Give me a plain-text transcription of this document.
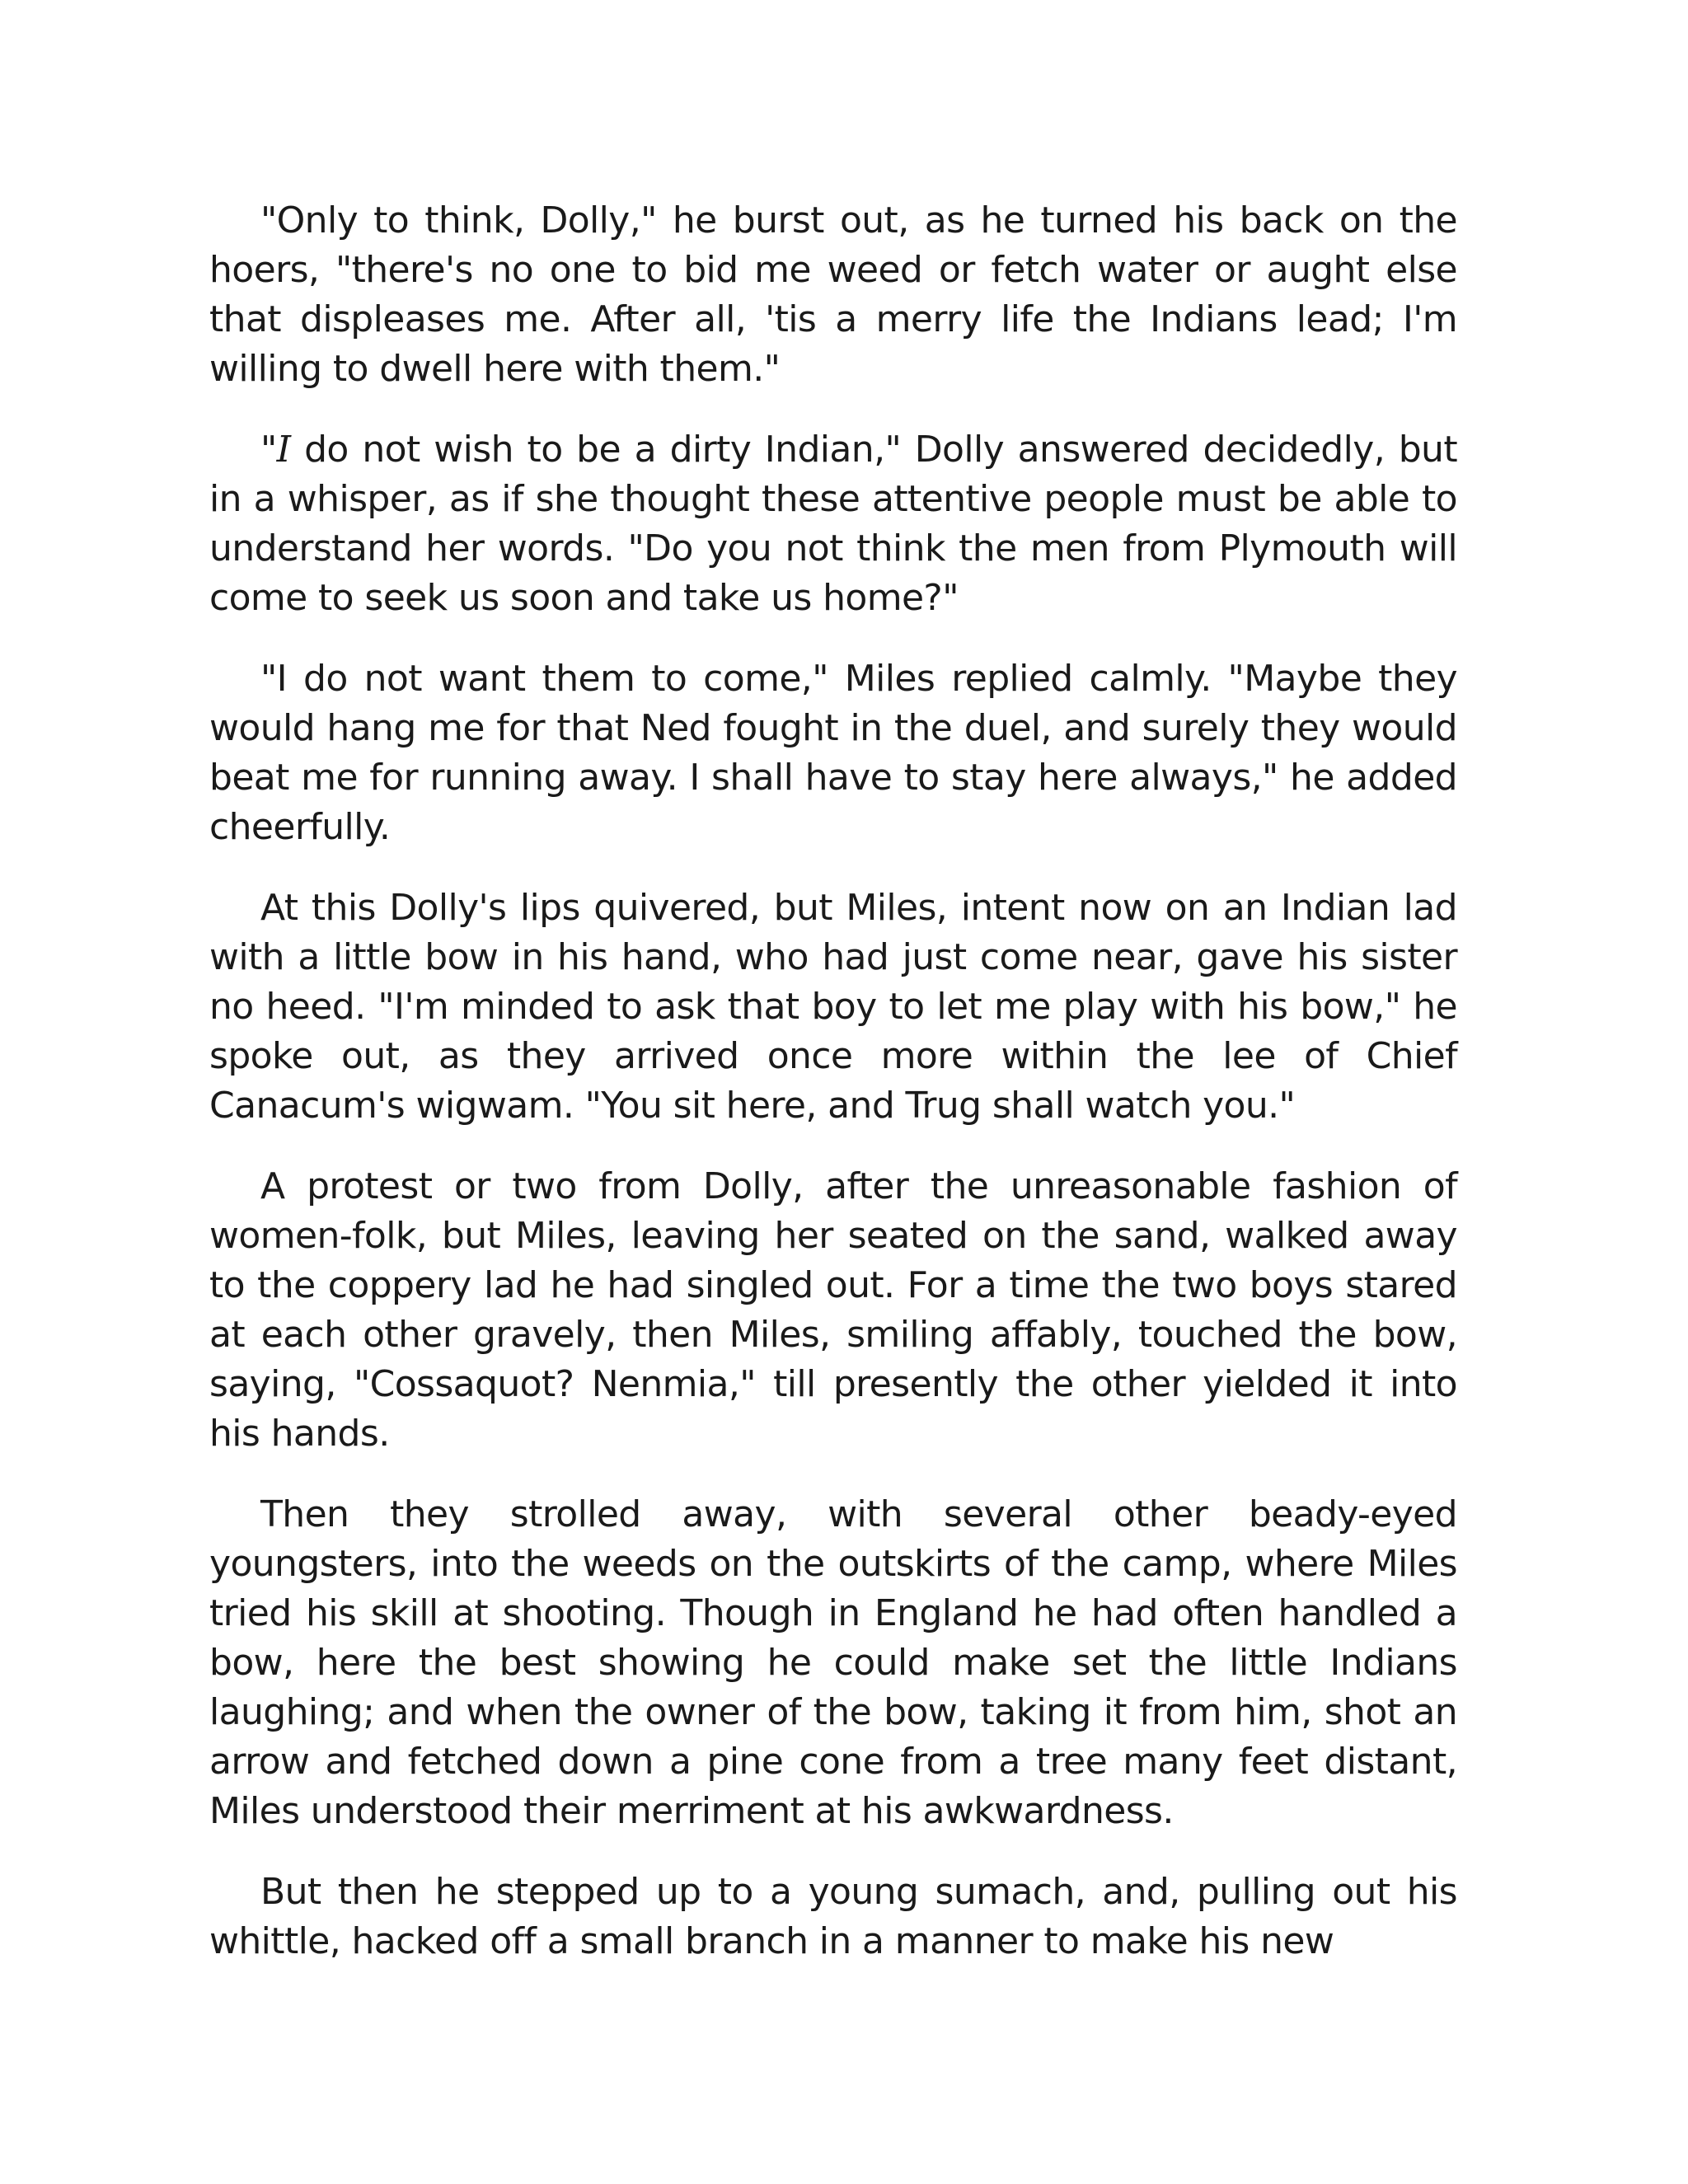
"Only to think, Dolly," he burst out, as he turned his back on the hoers, "there's no one to bid me weed or fetch water or aught else that displeases me. After all, 'tis a merry life the Indians lead; I'm willing to dwell here with them."

"I do not wish to be a dirty Indian," Dolly answered decidedly, but in a whisper, as if she thought these attentive people must be able to understand her words. "Do you not think the men from Plymouth will come to seek us soon and take us home?"

"I do not want them to come," Miles replied calmly. "Maybe they would hang me for that Ned fought in the duel, and surely they would beat me for running away. I shall have to stay here always," he added cheerfully.

At this Dolly's lips quivered, but Miles, intent now on an Indian lad with a little bow in his hand, who had just come near, gave his sister no heed. "I'm minded to ask that boy to let me play with his bow," he spoke out, as they arrived once more within the lee of Chief Canacum's wigwam. "You sit here, and Trug shall watch you."

A protest or two from Dolly, after the unreasonable fashion of women-folk, but Miles, leaving her seated on the sand, walked away to the coppery lad he had singled out. For a time the two boys stared at each other gravely, then Miles, smiling affably, touched the bow, saying, "Cossaquot? Nenmia," till presently the other yielded it into his hands.

Then they strolled away, with several other beady-eyed youngsters, into the weeds on the outskirts of the camp, where Miles tried his skill at shooting. Though in England he had often handled a bow, here the best showing he could make set the little Indians laughing; and when the owner of the bow, taking it from him, shot an arrow and fetched down a pine cone from a tree many feet distant, Miles understood their merriment at his awkwardness.

But then he stepped up to a young sumach, and, pulling out his whittle, hacked off a small branch in a manner to make his new
